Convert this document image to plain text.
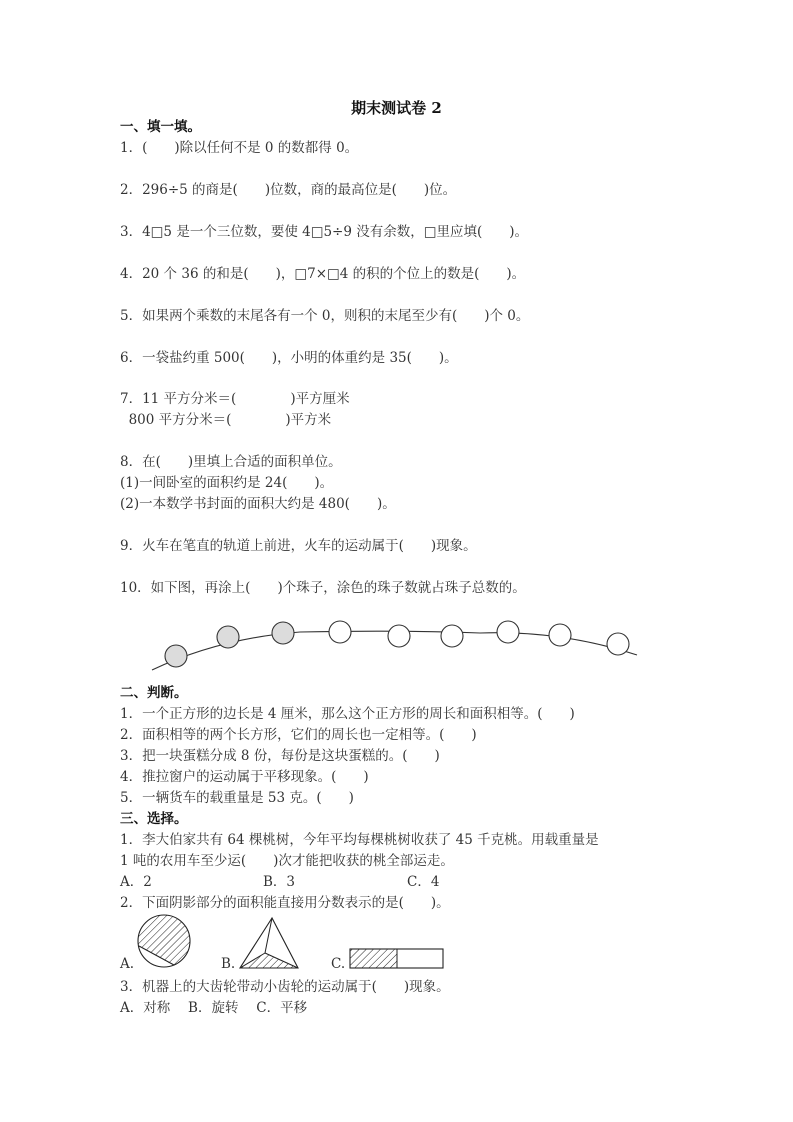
期末测试卷 2
一、填一填。
1．(　　)除以任何不是 0 的数都得 0。
2．296÷5 的商是(　　)位数，商的最高位是(　　)位。
3．4□5 是一个三位数，要使 4□5÷9 没有余数，□里应填(　　)。
4．20 个 36 的和是(　　)，□7×□4 的积的个位上的数是(　　)。
5．如果两个乘数的末尾各有一个 0，则积的末尾至少有(　　)个 0。
6．一袋盐约重 500(　　)，小明的体重约是 35(　　)。
7．11 平方分米＝(　　　　)平方厘米
800 平方分米＝(　　　　)平方米
8．在(　　)里填上合适的面积单位。
(1)一间卧室的面积约是 24(　　)。
(2)一本数学书封面的面积大约是 480(　　)。
9．火车在笔直的轨道上前进，火车的运动属于(　　)现象。
10．如下图，再涂上(　　)个珠子，涂色的珠子数就占珠子总数的。
二、判断。
1．一个正方形的边长是 4 厘米，那么这个正方形的周长和面积相等。(　　)
2．面积相等的两个长方形，它们的周长也一定相等。(　　)
3．把一块蛋糕分成 8 份，每份是这块蛋糕的。(　　)
4．推拉窗户的运动属于平移现象。(　　)
5．一辆货车的载重量是 53 克。(　　)
三、选择。
1．李大伯家共有 64 棵桃树，今年平均每棵桃树收获了 45 千克桃。用载重量是
1 吨的农用车至少运(　　)次才能把收获的桃全部运走。
A．2	B．3	C．4
2．下面阴影部分的面积能直接用分数表示的是(　　)。
A.	B.	C.
3．机器上的大齿轮带动小齿轮的运动属于(　　)现象。
A．对称　 B．旋转　 C．平移
